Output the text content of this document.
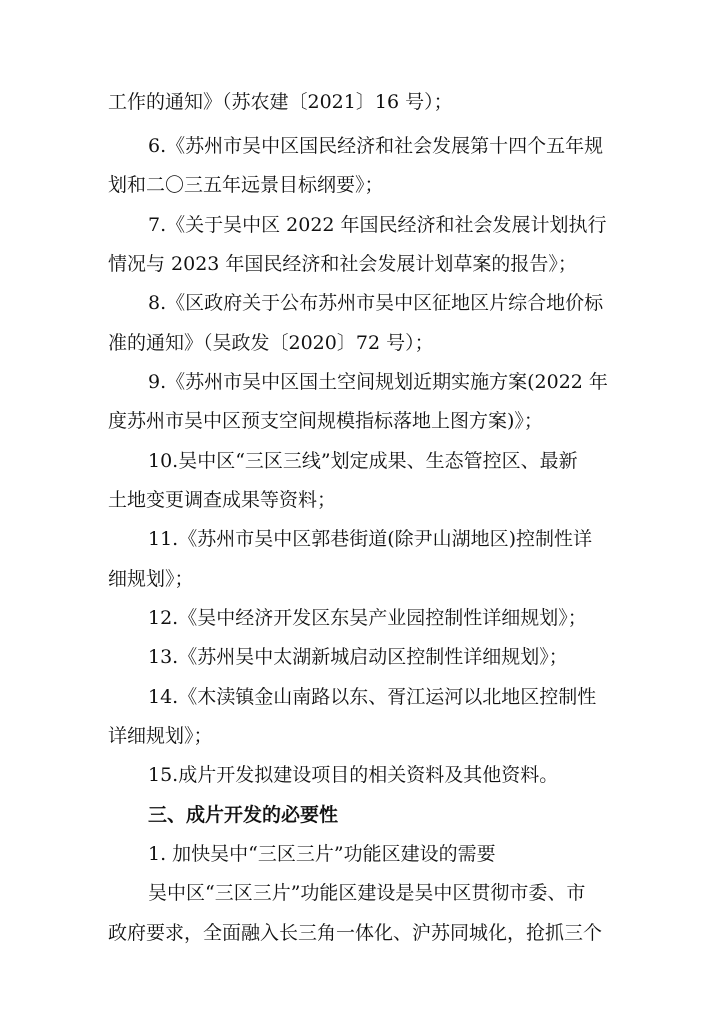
工作的通知》（苏农建〔2021〕16 号）；
6.《苏州市吴中区国民经济和社会发展第十四个五年规
划和二〇三五年远景目标纲要》；
7.《关于吴中区 2022 年国民经济和社会发展计划执行
情况与 2023 年国民经济和社会发展计划草案的报告》；
8.《区政府关于公布苏州市吴中区征地区片综合地价标
准的通知》（吴政发〔2020〕72 号）；
9.《苏州市吴中区国土空间规划近期实施方案(2022 年
度苏州市吴中区预支空间规模指标落地上图方案)》；
10.吴中区“三区三线”划定成果、生态管控区、最新
土地变更调查成果等资料；
11.《苏州市吴中区郭巷街道(除尹山湖地区)控制性详
细规划》；
12.《吴中经济开发区东吴产业园控制性详细规划》；
13.《苏州吴中太湖新城启动区控制性详细规划》；
14.《木渎镇金山南路以东、胥江运河以北地区控制性
详细规划》；
15.成片开发拟建设项目的相关资料及其他资料。
三、成片开发的必要性
1. 加快吴中“三区三片”功能区建设的需要
吴中区“三区三片”功能区建设是吴中区贯彻市委、市
政府要求，全面融入长三角一体化、沪苏同城化，抢抓三个
